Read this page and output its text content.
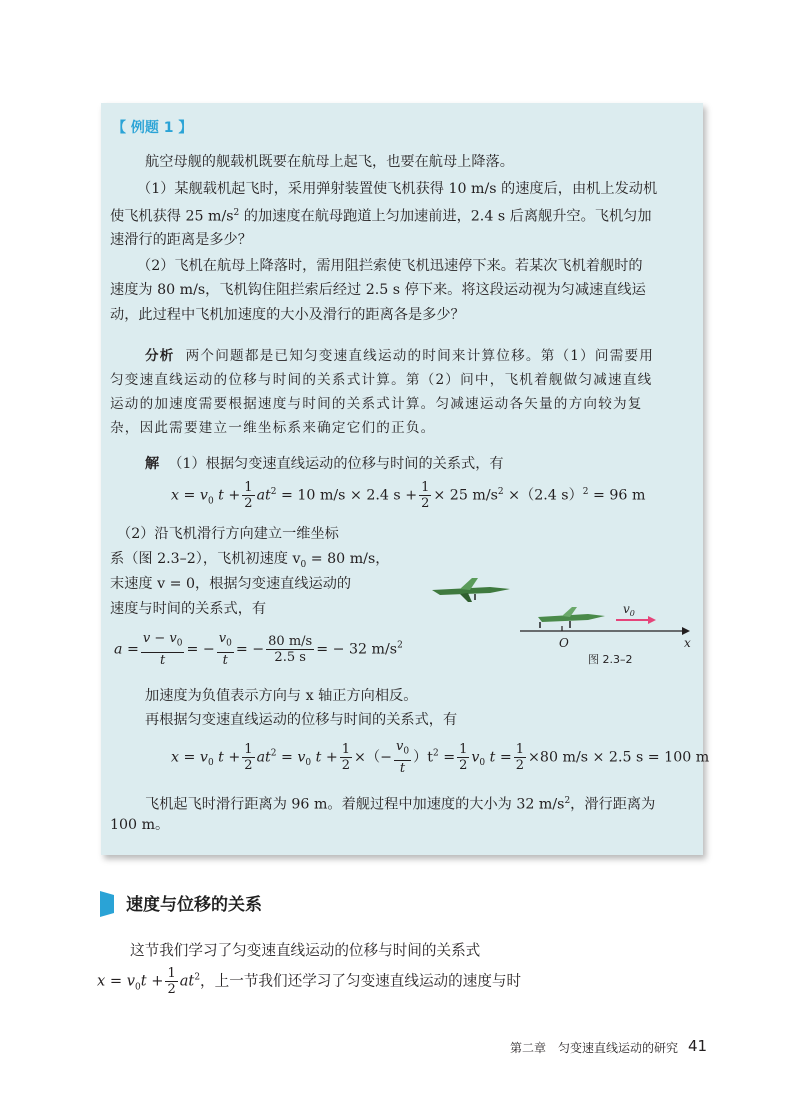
【 例题 1 】
航空母舰的舰载机既要在航母上起飞，也要在航母上降落。
（1）某舰载机起飞时，采用弹射装置使飞机获得 10 m/s 的速度后，由机上发动机
使飞机获得 25 $m/s^2$ 的加速度在航母跑道上匀加速前进，2.4 s 后离舰升空。飞机匀加
速滑行的距离是多少？
（2）飞机在航母上降落时，需用阻拦索使飞机迅速停下来。若某次飞机着舰时的
速度为 80 m/s，飞机钩住阻拦索后经过 2.5 s 停下来。将这段运动视为匀减速直线运
动，此过程中飞机加速度的大小及滑行的距离各是多少？
分析 两个问题都是已知匀变速直线运动的时间来计算位移。第（1）问需要用
匀变速直线运动的位移与时间的关系式计算。第（2）问中，飞机着舰做匀减速直线
运动的加速度需要根据速度与时间的关系式计算。匀减速运动各矢量的方向较为复
杂，因此需要建立一维坐标系来确定它们的正负。
解 （1）根据匀变速直线运动的位移与时间的关系式，有
$x = v_0$ $t + \frac{1}{2} at^2 = 10$ m/s × 2.4 $s + \frac{1}{2} \times 25$ $m/s^2 \times(2.4$ s）$^2$ = 96 m
（2）沿飞机滑行方向建立一维坐标
系（图 2.3–2），飞机初速度 $v_0 = 80$ m/s，
末速度 v = 0，根据匀变速直线运动的
速度与时间的关系式，有
$a = \frac{v - v_0}{t}$ = − $\frac{v_0}{t}$ = − $\frac{80 m/s}{2.5 s}$ = − 32 $m/s^2$
$v_0$
O	x
图 2.3–2
加速度为负值表示方向与 x 轴正方向相反。
再根据匀变速直线运动的位移与时间的关系式，有
$x = v_0$ $t + \frac{1}{2} at^2 = v_0$ $t + \frac{1}{2}$ ×（− $\frac{v_0}{t} )t^2 = \frac{1}{2} v_0$ $t = \frac{1}{2} \times 80$ m/s × 2.5 s = 100 m
飞机起飞时滑行距离为 96 m。着舰过程中加速度的大小为 32 $m/s^2$，滑行距离为
100 m。
速度与位移的关系
这节我们学习了匀变速直线运动的位移与时间的关系式
$x = v_0t + \frac{1}{2} at^2$，上一节我们还学习了匀变速直线运动的速度与时
第二章　匀变速直线运动的研究 41
